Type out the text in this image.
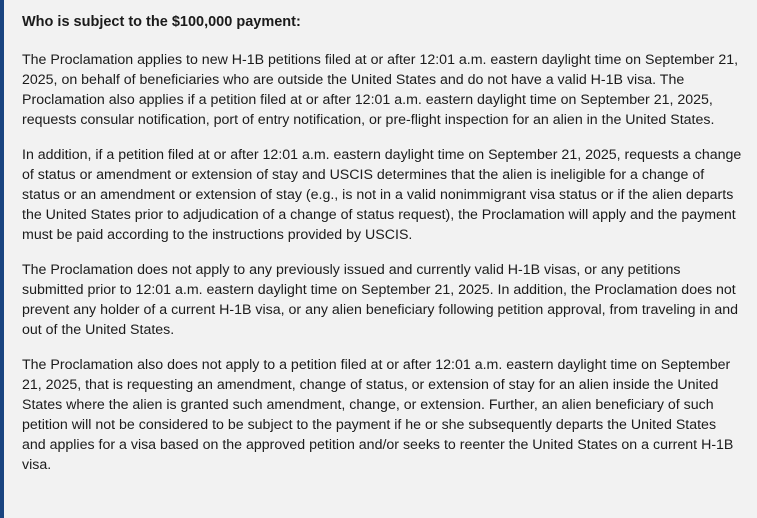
Who is subject to the $100,000 payment:

The Proclamation applies to new H-1B petitions filed at or after 12:01 a.m. eastern daylight time on September 21, 2025, on behalf of beneficiaries who are outside the United States and do not have a valid H-1B visa. The Proclamation also applies if a petition filed at or after 12:01 a.m. eastern daylight time on September 21, 2025, requests consular notification, port of entry notification, or pre-flight inspection for an alien in the United States.

In addition, if a petition filed at or after 12:01 a.m. eastern daylight time on September 21, 2025, requests a change of status or amendment or extension of stay and USCIS determines that the alien is ineligible for a change of status or an amendment or extension of stay (e.g., is not in a valid nonimmigrant visa status or if the alien departs the United States prior to adjudication of a change of status request), the Proclamation will apply and the payment must be paid according to the instructions provided by USCIS.

The Proclamation does not apply to any previously issued and currently valid H-1B visas, or any petitions submitted prior to 12:01 a.m. eastern daylight time on September 21, 2025. In addition, the Proclamation does not prevent any holder of a current H-1B visa, or any alien beneficiary following petition approval, from traveling in and out of the United States.

The Proclamation also does not apply to a petition filed at or after 12:01 a.m. eastern daylight time on September 21, 2025, that is requesting an amendment, change of status, or extension of stay for an alien inside the United States where the alien is granted such amendment, change, or extension. Further, an alien beneficiary of such petition will not be considered to be subject to the payment if he or she subsequently departs the United States and applies for a visa based on the approved petition and/or seeks to reenter the United States on a current H-1B visa.
